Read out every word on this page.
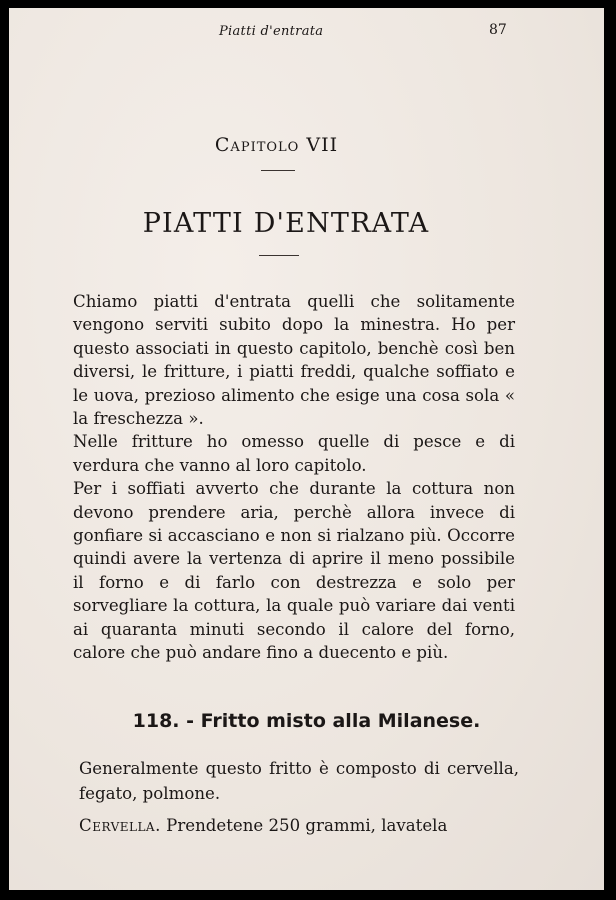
Piatti d'entrata	87
Capitolo VII
PIATTI D'ENTRATA

Chiamo piatti d'entrata quelli che solitamente vengono serviti subito dopo la minestra. Ho per questo associati in questo capitolo, benchè così ben diversi, le fritture, i piatti freddi, qualche soffiato e le uova, prezioso alimento che esige una cosa sola « la freschezza ».

Nelle fritture ho omesso quelle di pesce e di verdura che vanno al loro capitolo.

Per i soffiati avverto che durante la cottura non devono prendere aria, perchè allora invece di gonfiare si accasciano e non si rialzano più. Occorre quindi avere la vertenza di aprire il meno possibile il forno e di farlo con destrezza e solo per sorvegliare la cottura, la quale può variare dai venti ai quaranta minuti secondo il calore del forno, calore che può andare fino a duecento e più.

118. - Fritto misto alla Milanese.

Generalmente questo fritto è composto di cervella, fegato, polmone.

Cervella. Prendetene 250 grammi, lavatela
